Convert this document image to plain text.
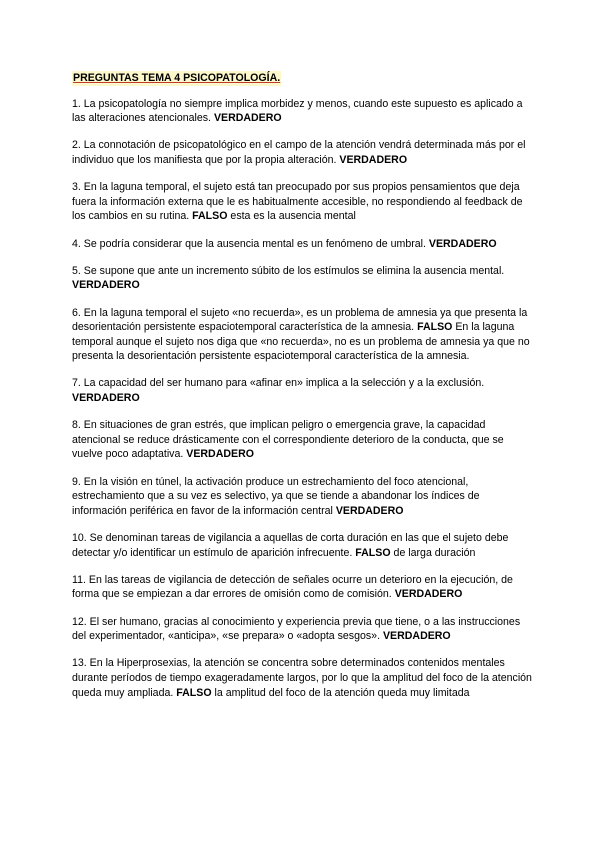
PREGUNTAS TEMA 4 PSICOPATOLOGÍA.
1. La psicopatología no siempre implica morbidez y menos, cuando este supuesto es aplicado a las alteraciones atencionales. VERDADERO
2. La connotación de psicopatológico en el campo de la atención vendrá determinada más por el individuo que los manifiesta que por la propia alteración. VERDADERO
3. En la laguna temporal, el sujeto está tan preocupado por sus propios pensamientos que deja fuera la información externa que le es habitualmente accesible, no respondiendo al feedback de los cambios en su rutina. FALSO esta es la ausencia mental
4. Se podría considerar que la ausencia mental es un fenómeno de umbral. VERDADERO
5. Se supone que ante un incremento súbito de los estímulos se elimina la ausencia mental. VERDADERO
6. En la laguna temporal el sujeto «no recuerda», es un problema de amnesia ya que presenta la desorientación persistente espaciotemporal característica de la amnesia. FALSO En la laguna temporal aunque el sujeto nos diga que «no recuerda», no es un problema de amnesia ya que no presenta la desorientación persistente espaciotemporal característica de la amnesia.
7. La capacidad del ser humano para «afinar en» implica a la selección y a la exclusión. VERDADERO
8. En situaciones de gran estrés, que implican peligro o emergencia grave, la capacidad atencional se reduce drásticamente con el correspondiente deterioro de la conducta, que se vuelve poco adaptativa. VERDADERO
9. En la visión en túnel, la activación produce un estrechamiento del foco atencional, estrechamiento que a su vez es selectivo, ya que se tiende a abandonar los índices de información periférica en favor de la información central VERDADERO
10. Se denominan tareas de vigilancia a aquellas de corta duración en las que el sujeto debe detectar y/o identificar un estímulo de aparición infrecuente. FALSO de larga duración
11. En las tareas de vigilancia de detección de señales ocurre un deterioro en la ejecución, de forma que se empiezan a dar errores de omisión como de comisión. VERDADERO
12. El ser humano, gracias al conocimiento y experiencia previa que tiene, o a las instrucciones del experimentador, «anticipa», «se prepara» o «adopta sesgos». VERDADERO
13. En la Hiperprosexias, la atención se concentra sobre determinados contenidos mentales durante períodos de tiempo exageradamente largos, por lo que la amplitud del foco de la atención queda muy ampliada. FALSO la amplitud del foco de la atención queda muy limitada
